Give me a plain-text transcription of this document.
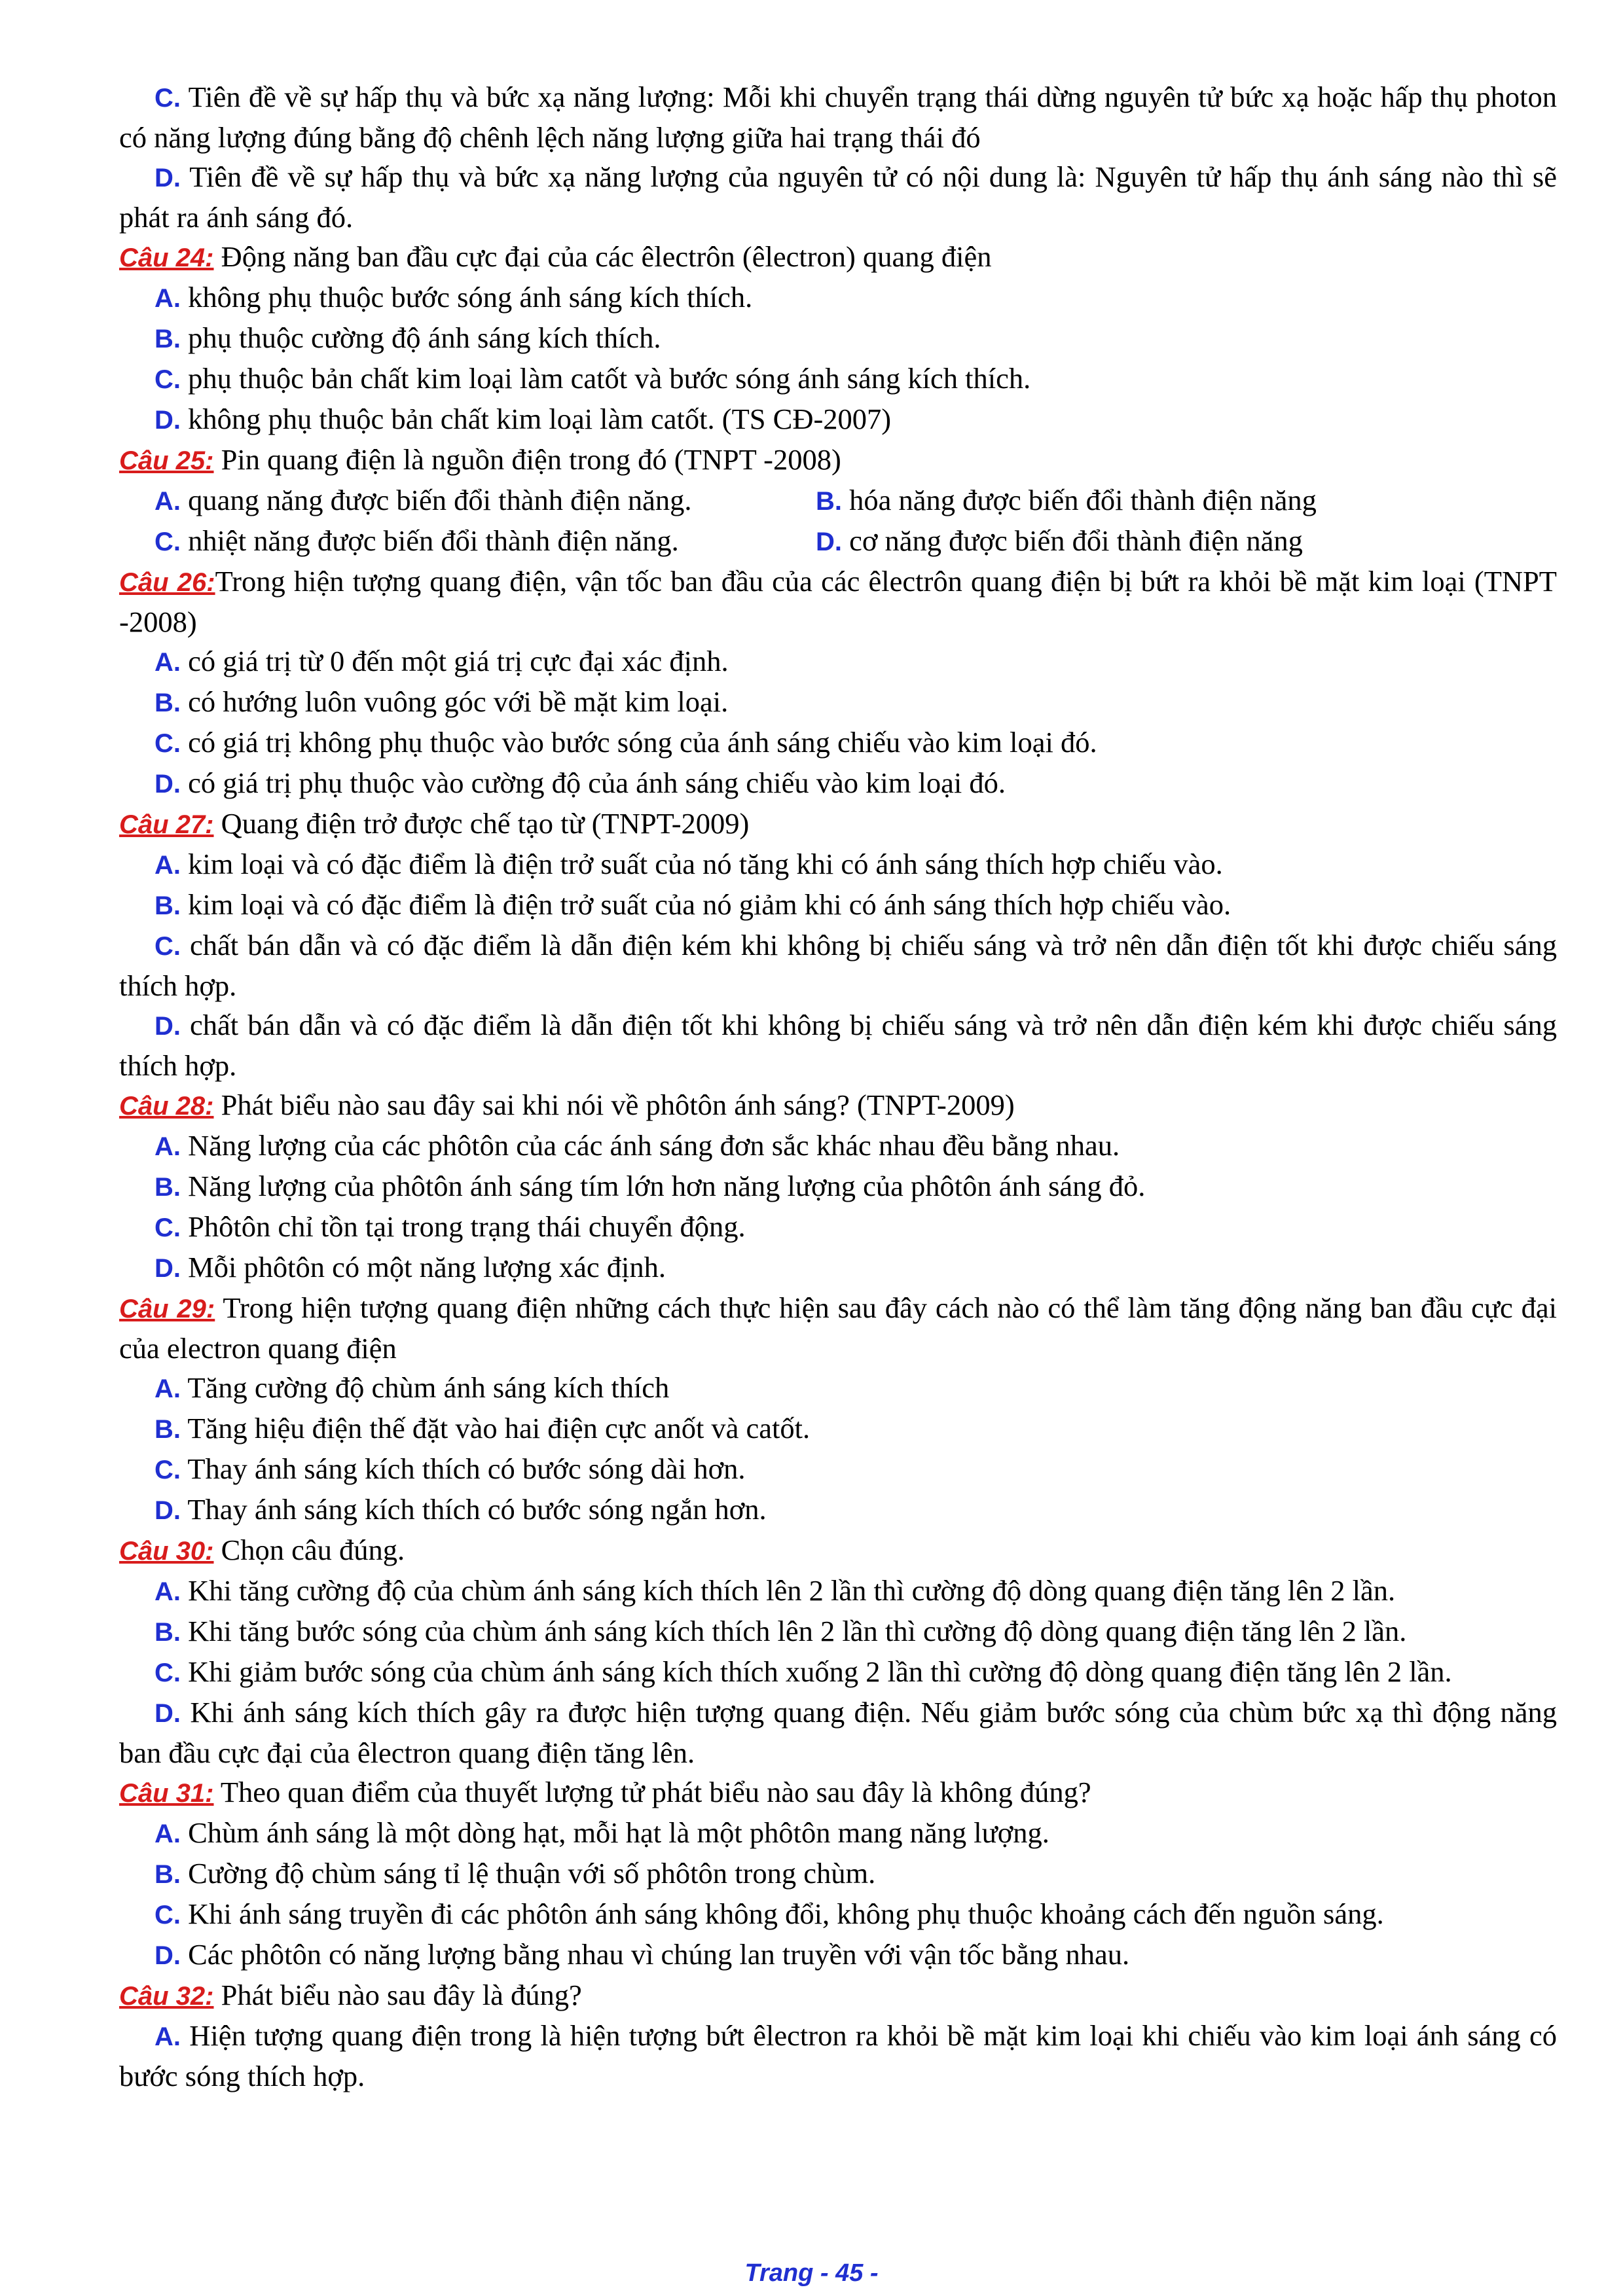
C. Tiên đề về sự hấp thụ và bức xạ năng lượng: Mỗi khi chuyển trạng thái dừng nguyên tử bức xạ hoặc hấp thụ photon có năng lượng đúng bằng độ chênh lệch năng lượng giữa hai trạng thái đó

D. Tiên đề về sự hấp thụ và bức xạ năng lượng của nguyên tử có nội dung là: Nguyên tử hấp thụ ánh sáng nào thì sẽ phát ra ánh sáng đó.

Câu 24: Động năng ban đầu cực đại của các êlectrôn (êlectron) quang điện

A. không phụ thuộc bước sóng ánh sáng kích thích.

B. phụ thuộc cường độ ánh sáng kích thích.

C. phụ thuộc bản chất kim loại làm catốt và bước sóng ánh sáng kích thích.

D. không phụ thuộc bản chất kim loại làm catốt. (TS CĐ-2007)

Câu 25: Pin quang điện là nguồn điện trong đó (TNPT -2008)

A. quang năng được biến đổi thành điện năng.	B. hóa năng được biến đổi thành điện năng

C. nhiệt năng được biến đổi thành điện năng.	D. cơ năng được biến đổi thành điện năng

Câu 26:Trong hiện tượng quang điện, vận tốc ban đầu của các êlectrôn quang điện bị bứt ra khỏi bề mặt kim loại (TNPT -2008)

A. có giá trị từ 0 đến một giá trị cực đại xác định.

B. có hướng luôn vuông góc với bề mặt kim loại.

C. có giá trị không phụ thuộc vào bước sóng của ánh sáng chiếu vào kim loại đó.

D. có giá trị phụ thuộc vào cường độ của ánh sáng chiếu vào kim loại đó.

Câu 27: Quang điện trở được chế tạo từ (TNPT-2009)

A. kim loại và có đặc điểm là điện trở suất của nó tăng khi có ánh sáng thích hợp chiếu vào.

B. kim loại và có đặc điểm là điện trở suất của nó giảm khi có ánh sáng thích hợp chiếu vào.

C. chất bán dẫn và có đặc điểm là dẫn điện kém khi không bị chiếu sáng và trở nên dẫn điện tốt khi được chiếu sáng thích hợp.

D. chất bán dẫn và có đặc điểm là dẫn điện tốt khi không bị chiếu sáng và trở nên dẫn điện kém khi được chiếu sáng thích hợp.

Câu 28: Phát biểu nào sau đây sai khi nói về phôtôn ánh sáng? (TNPT-2009)

A. Năng lượng của các phôtôn của các ánh sáng đơn sắc khác nhau đều bằng nhau.

B. Năng lượng của phôtôn ánh sáng tím lớn hơn năng lượng của phôtôn ánh sáng đỏ.

C. Phôtôn chỉ tồn tại trong trạng thái chuyển động.

D. Mỗi phôtôn có một năng lượng xác định.

Câu 29: Trong hiện tượng quang điện những cách thực hiện sau đây cách nào có thể làm tăng động năng ban đầu cực đại của electron quang điện

A. Tăng cường độ chùm ánh sáng kích thích

B. Tăng hiệu điện thế đặt vào hai điện cực anốt và catốt.

C. Thay ánh sáng kích thích có bước sóng dài hơn.

D. Thay ánh sáng kích thích có bước sóng ngắn hơn.

Câu 30: Chọn câu đúng.

A. Khi tăng cường độ của chùm ánh sáng kích thích lên 2 lần thì cường độ dòng quang điện tăng lên 2 lần.

B. Khi tăng bước sóng của chùm ánh sáng kích thích lên 2 lần thì cường độ dòng quang điện tăng lên 2 lần.

C. Khi giảm bước sóng của chùm ánh sáng kích thích xuống 2 lần thì cường độ dòng quang điện tăng lên 2 lần.

D. Khi ánh sáng kích thích gây ra được hiện tượng quang điện. Nếu giảm bước sóng của chùm bức xạ thì động năng ban đầu cực đại của êlectron quang điện tăng lên.

Câu 31: Theo quan điểm của thuyết lượng tử phát biểu nào sau đây là không đúng?

A. Chùm ánh sáng là một dòng hạt, mỗi hạt là một phôtôn mang năng lượng.

B. Cường độ chùm sáng tỉ lệ thuận với số phôtôn trong chùm.

C. Khi ánh sáng truyền đi các phôtôn ánh sáng không đổi, không phụ thuộc khoảng cách đến nguồn sáng.

D. Các phôtôn có năng lượng bằng nhau vì chúng lan truyền với vận tốc bằng nhau.

Câu 32: Phát biểu nào sau đây là đúng?

A. Hiện tượng quang điện trong là hiện tượng bứt êlectron ra khỏi bề mặt kim loại khi chiếu vào kim loại ánh sáng có bước sóng thích hợp.

Trang - 45 -
